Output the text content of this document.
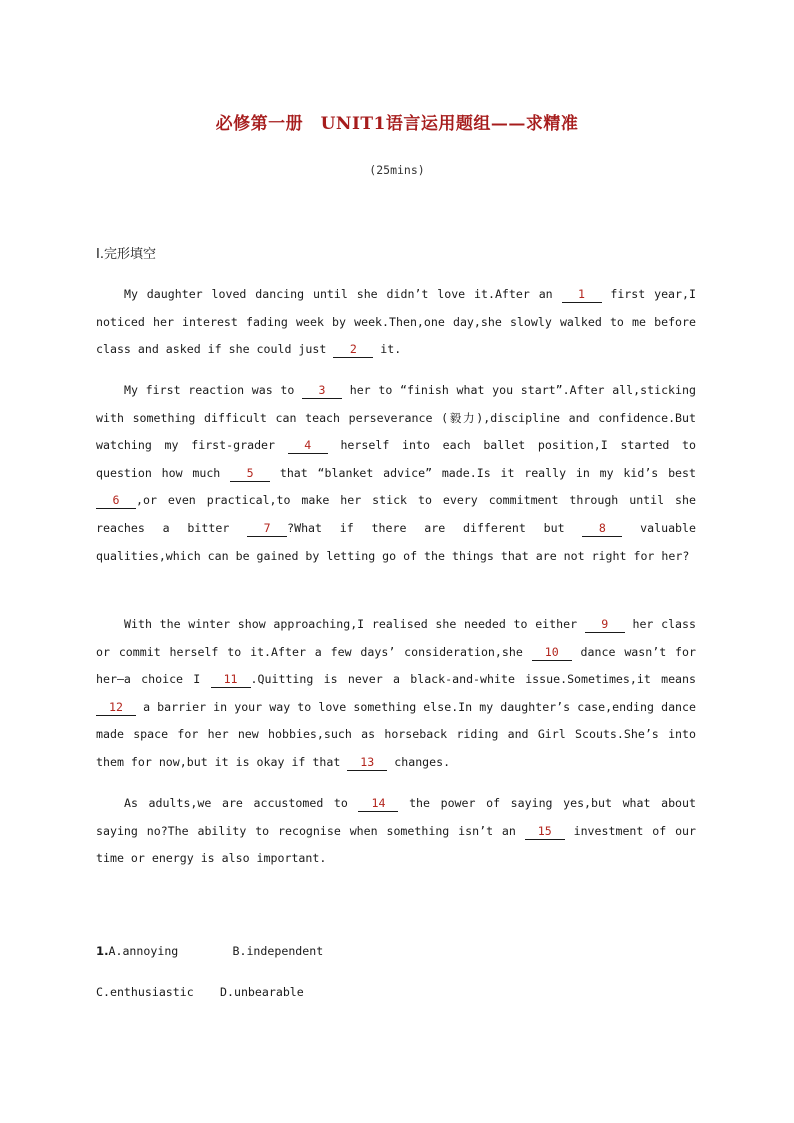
必修第一册　UNIT1语言运用题组——求精准
(25mins)
Ⅰ.完形填空
My daughter loved dancing until she didn’t love it.After an 1 first year,I noticed her interest fading week by week.Then,one day,she slowly walked to me before class and asked if she could just 2 it.
My first reaction was to 3 her to “finish what you start”.After all,sticking with something difficult can teach perseverance (毅力),discipline and confidence.But watching my first-grader 4 herself into each ballet position,I started to question how much 5 that “blanket advice” made.Is it really in my kid’s best 6 ,or even practical,to make her stick to every commitment through until she reaches a bitter 7 ?What if there are different but 8 valuable qualities,which can be gained by letting go of the things that are not right for her?
With the winter show approaching,I realised she needed to either 9 her class or commit herself to it.After a few days’ consideration,she 10 dance wasn’t for her—a choice I 11 .Quitting is never a black-and-white issue.Sometimes,it means 12 a barrier in your way to love something else.In my daughter’s case,ending dance made space for her new hobbies,such as horseback riding and Girl Scouts.She’s into them for now,but it is okay if that 13 changes.
As adults,we are accustomed to 14 the power of saying yes,but what about saying no?The ability to recognise when something isn’t an 15 investment of our time or energy is also important.
1.A.annoying	B.independent
C.enthusiastic D.unbearable
